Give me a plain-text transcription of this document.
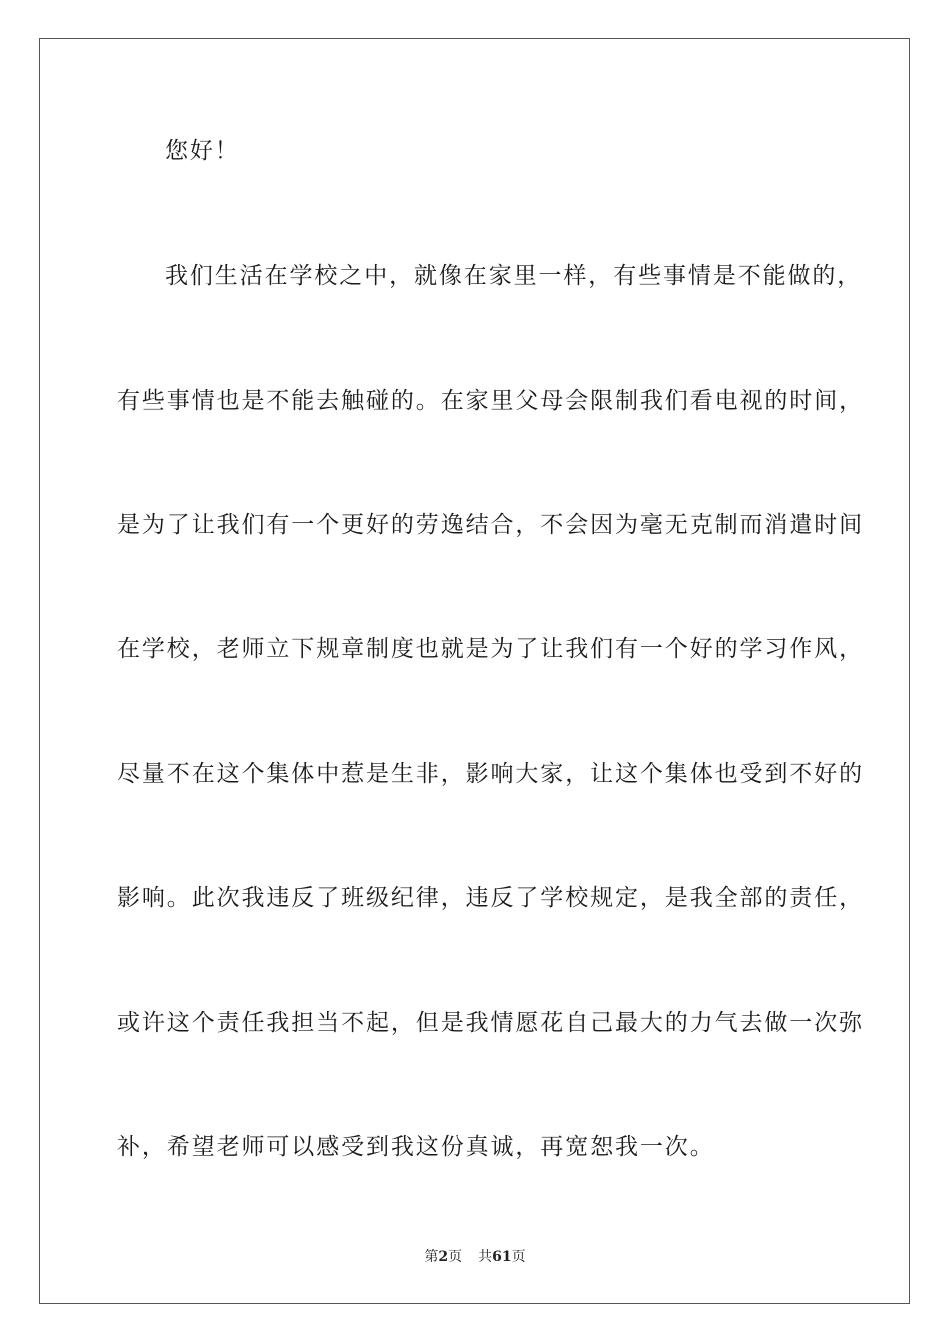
您好！
我们生活在学校之中，就像在家里一样，有些事情是不能做的，
有些事情也是不能去触碰的。在家里父母会限制我们看电视的时间，
是为了让我们有一个更好的劳逸结合，不会因为毫无克制而消遣时间
在学校，老师立下规章制度也就是为了让我们有一个好的学习作风，
尽量不在这个集体中惹是生非，影响大家，让这个集体也受到不好的
影响。此次我违反了班级纪律，违反了学校规定，是我全部的责任，
或许这个责任我担当不起，但是我情愿花自己最大的力气去做一次弥
补，希望老师可以感受到我这份真诚，再宽恕我一次。
第2页 共61页
